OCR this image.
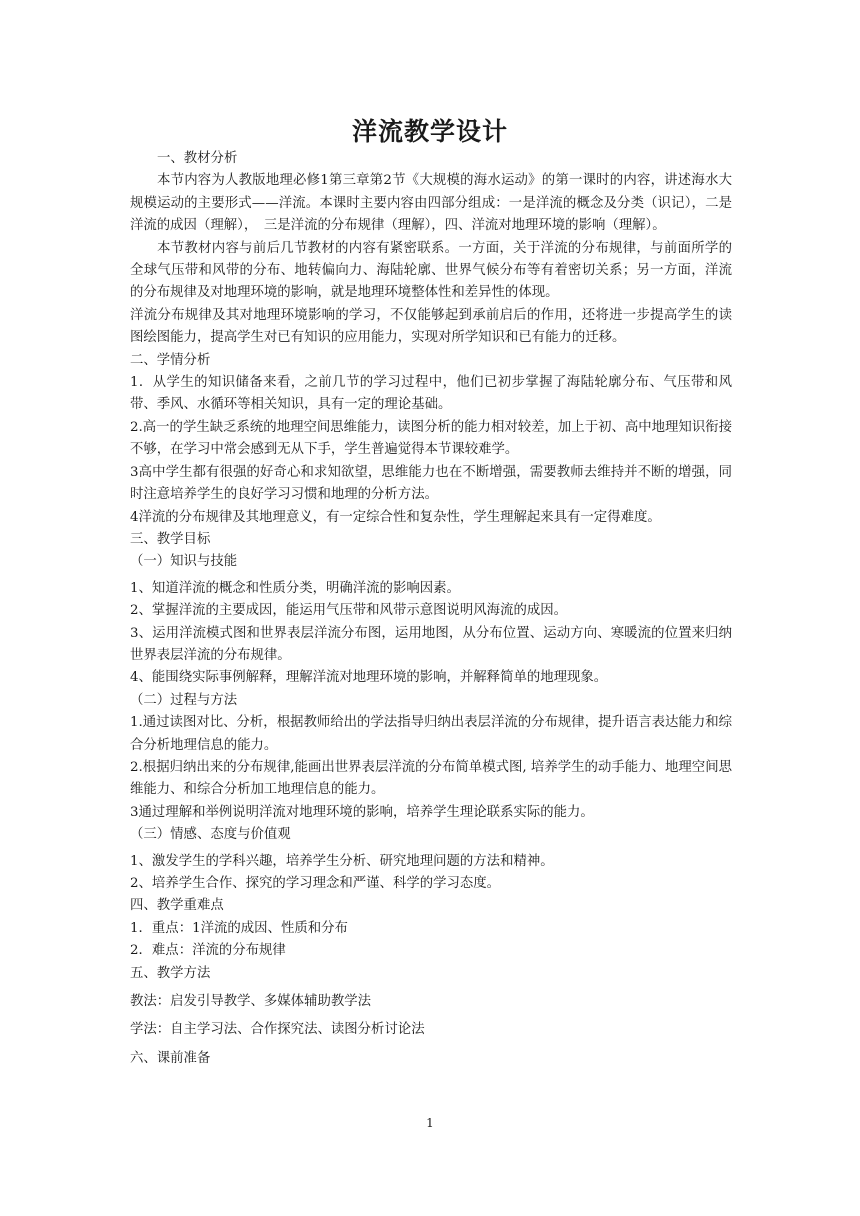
洋流教学设计

一、教材分析

本节内容为人教版地理必修1第三章第2节《大规模的海水运动》的第一课时的内容，讲述海水大规模运动的主要形式——洋流。本课时主要内容由四部分组成：一是洋流的概念及分类（识记），二是洋流的成因（理解），　三是洋流的分布规律（理解），四、洋流对地理环境的影响（理解）。

本节教材内容与前后几节教材的内容有紧密联系。一方面，关于洋流的分布规律，与前面所学的全球气压带和风带的分布、地转偏向力、海陆轮廓、世界气候分布等有着密切关系；另一方面，洋流的分布规律及对地理环境的影响，就是地理环境整体性和差异性的体现。

洋流分布规律及其对地理环境影响的学习，不仅能够起到承前启后的作用，还将进一步提高学生的读图绘图能力，提高学生对已有知识的应用能力，实现对所学知识和已有能力的迁移。

二、学情分析

1．从学生的知识储备来看，之前几节的学习过程中，他们已初步掌握了海陆轮廓分布、气压带和风带、季风、水循环等相关知识，具有一定的理论基础。

2.高一的学生缺乏系统的地理空间思维能力，读图分析的能力相对较差，加上于初、高中地理知识衔接不够，在学习中常会感到无从下手，学生普遍觉得本节课较难学。

3高中学生都有很强的好奇心和求知欲望，思维能力也在不断增强，需要教师去维持并不断的增强，同时注意培养学生的良好学习习惯和地理的分析方法。

4洋流的分布规律及其地理意义，有一定综合性和复杂性，学生理解起来具有一定得难度。

三、教学目标

（一）知识与技能

1、知道洋流的概念和性质分类，明确洋流的影响因素。

2、掌握洋流的主要成因，能运用气压带和风带示意图说明风海流的成因。

3、运用洋流模式图和世界表层洋流分布图，运用地图，从分布位置、运动方向、寒暖流的位置来归纳世界表层洋流的分布规律。

4、能围绕实际事例解释，理解洋流对地理环境的影响，并解释简单的地理现象。

（二）过程与方法

1.通过读图对比、分析，根据教师给出的学法指导归纳出表层洋流的分布规律，提升语言表达能力和综合分析地理信息的能力。

2.根据归纳出来的分布规律,能画出世界表层洋流的分布简单模式图, 培养学生的动手能力、地理空间思维能力、和综合分析加工地理信息的能力。

3通过理解和举例说明洋流对地理环境的影响，培养学生理论联系实际的能力。

（三）情感、态度与价值观

1、激发学生的学科兴趣，培养学生分析、研究地理问题的方法和精神。

2、培养学生合作、探究的学习理念和严谨、科学的学习态度。

四、教学重难点

1．重点：1洋流的成因、性质和分布

2．难点：洋流的分布规律

五、教学方法

教法：启发引导教学、多媒体辅助教学法

学法：自主学习法、合作探究法、读图分析讨论法

六、课前准备

1
